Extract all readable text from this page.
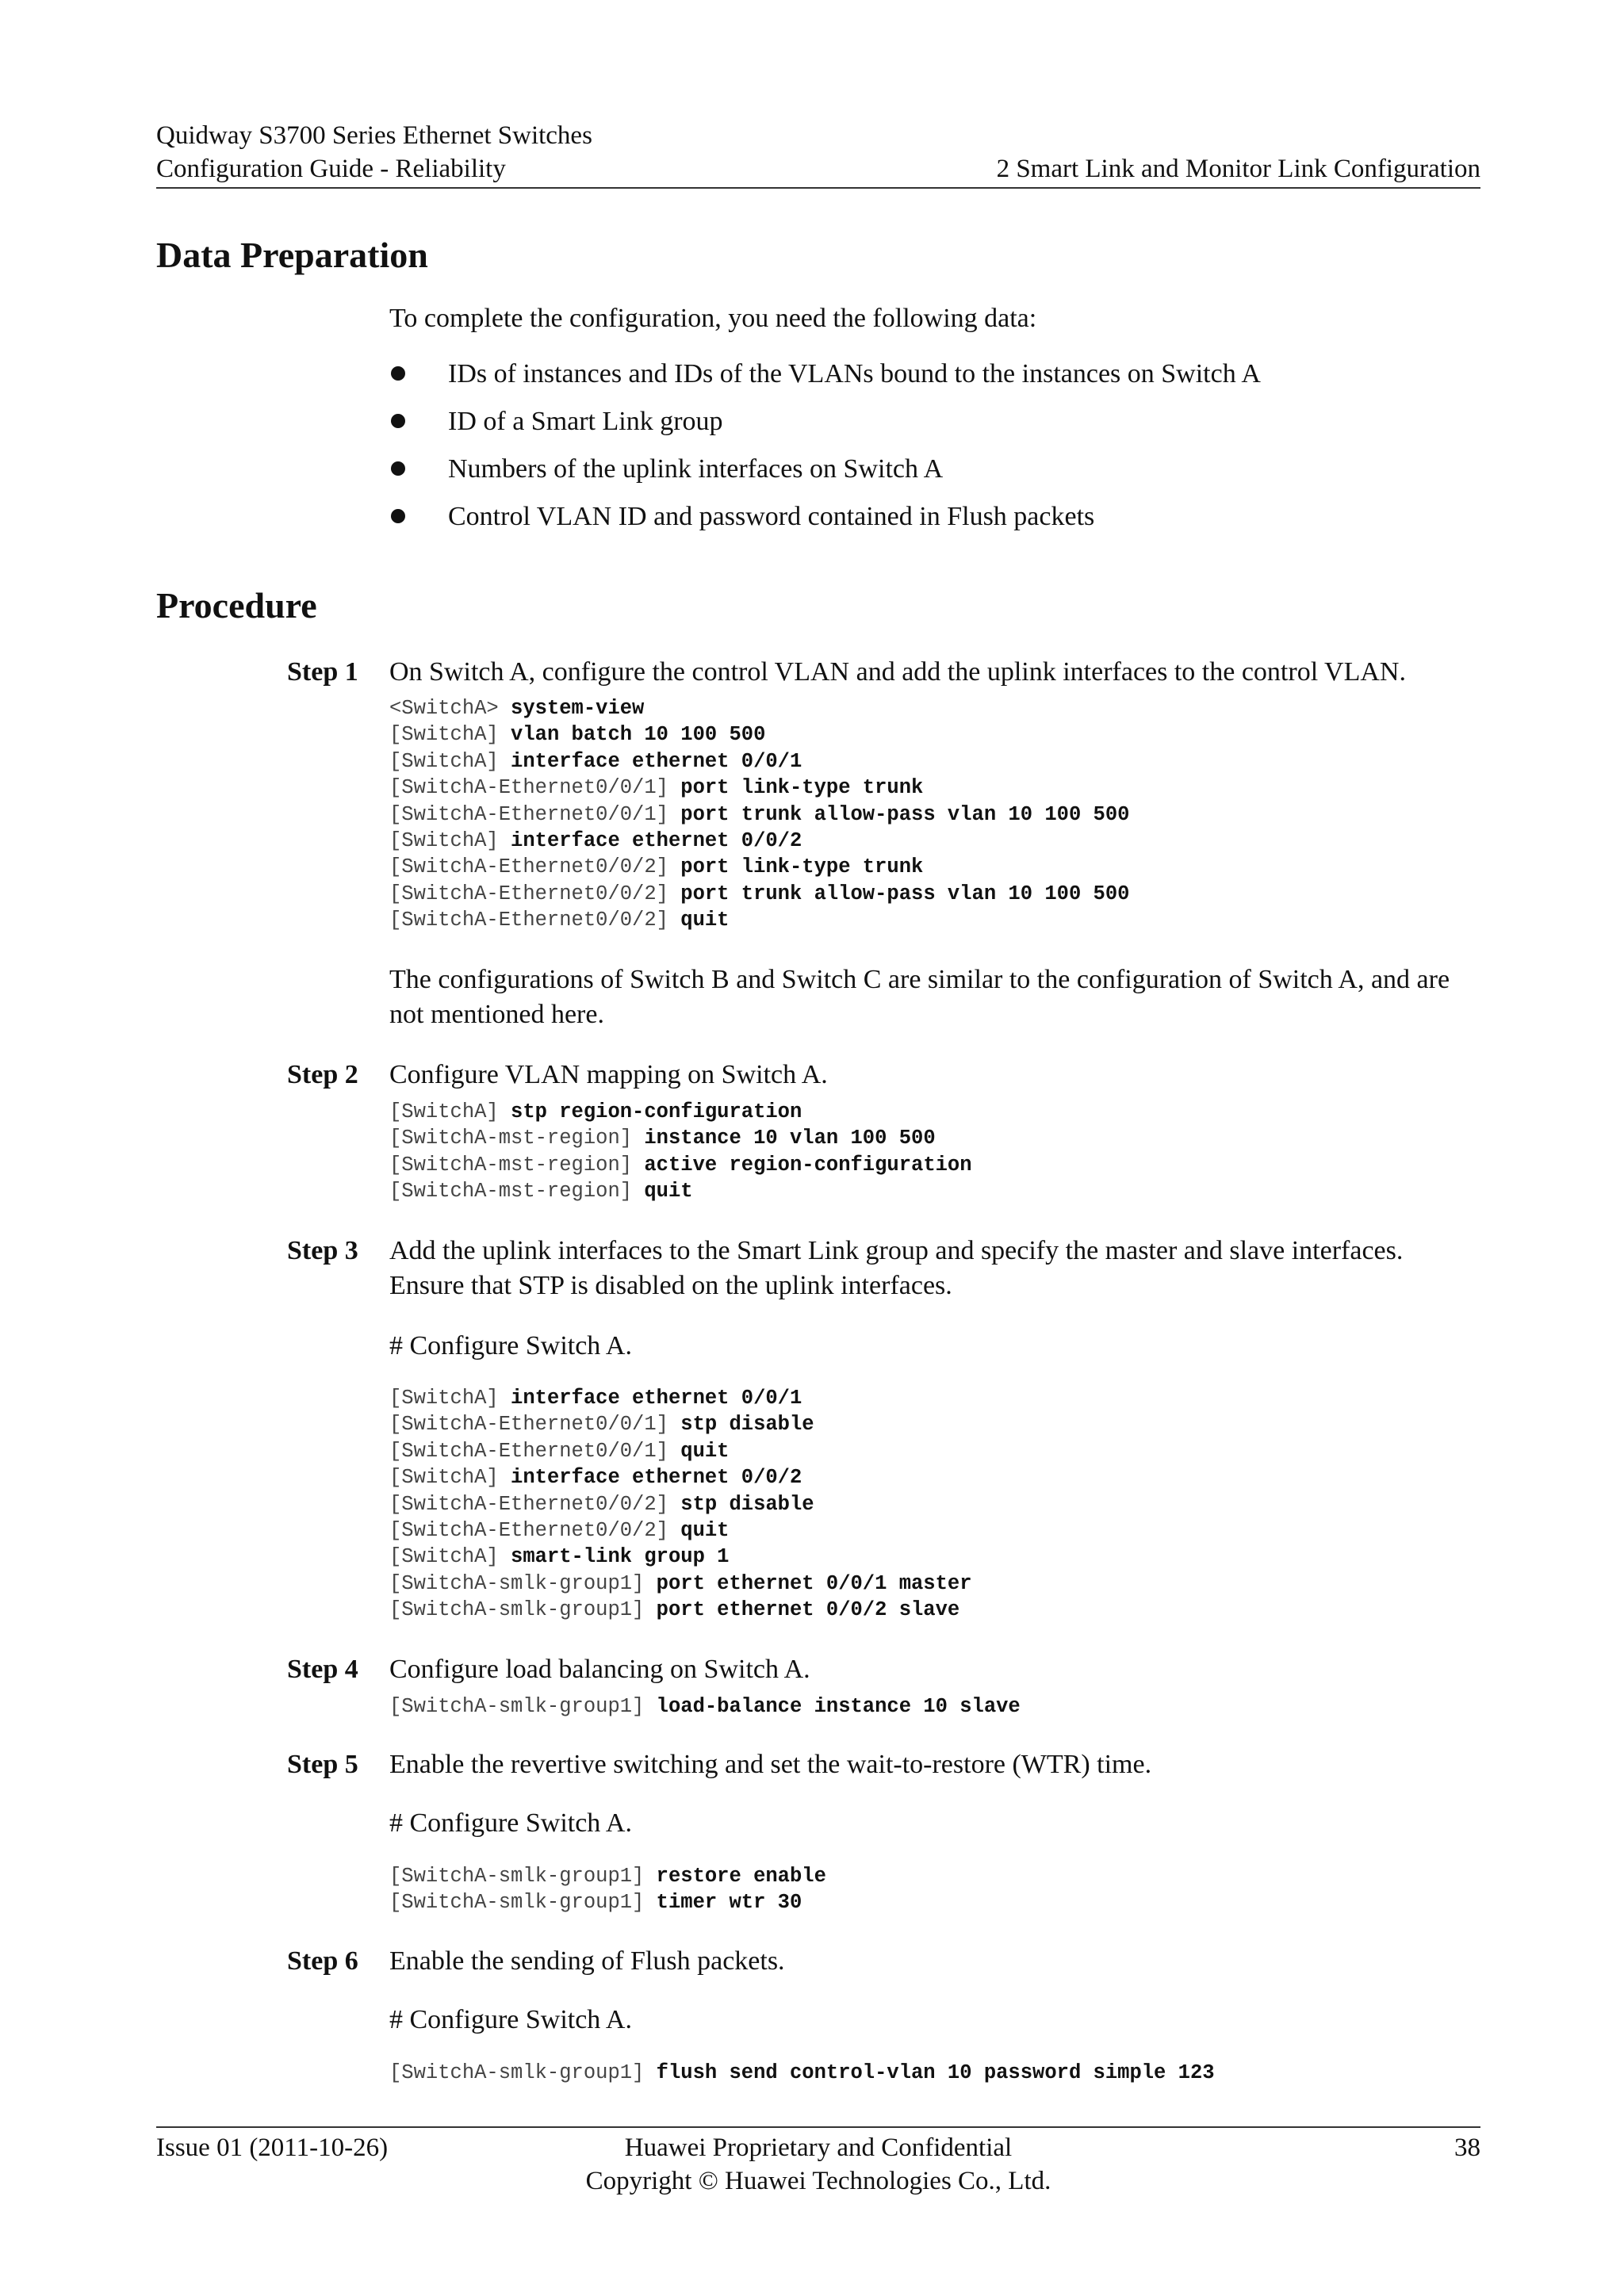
Quidway S3700 Series Ethernet Switches
Configuration Guide - Reliability	2 Smart Link and Monitor Link Configuration
Data Preparation
To complete the configuration, you need the following data:
IDs of instances and IDs of the VLANs bound to the instances on Switch A
ID of a Smart Link group
Numbers of the uplink interfaces on Switch A
Control VLAN ID and password contained in Flush packets
Procedure
Step 1 On Switch A, configure the control VLAN and add the uplink interfaces to the control VLAN.
<SwitchA> system-view
[SwitchA] vlan batch 10 100 500
[SwitchA] interface ethernet 0/0/1
[SwitchA-Ethernet0/0/1] port link-type trunk
[SwitchA-Ethernet0/0/1] port trunk allow-pass vlan 10 100 500
[SwitchA] interface ethernet 0/0/2
[SwitchA-Ethernet0/0/2] port link-type trunk
[SwitchA-Ethernet0/0/2] port trunk allow-pass vlan 10 100 500
[SwitchA-Ethernet0/0/2] quit
The configurations of Switch B and Switch C are similar to the configuration of Switch A, and are not mentioned here.
Step 2 Configure VLAN mapping on Switch A.
[SwitchA] stp region-configuration
[SwitchA-mst-region] instance 10 vlan 100 500
[SwitchA-mst-region] active region-configuration
[SwitchA-mst-region] quit
Step 3 Add the uplink interfaces to the Smart Link group and specify the master and slave interfaces. Ensure that STP is disabled on the uplink interfaces.
# Configure Switch A.
[SwitchA] interface ethernet 0/0/1
[SwitchA-Ethernet0/0/1] stp disable
[SwitchA-Ethernet0/0/1] quit
[SwitchA] interface ethernet 0/0/2
[SwitchA-Ethernet0/0/2] stp disable
[SwitchA-Ethernet0/0/2] quit
[SwitchA] smart-link group 1
[SwitchA-smlk-group1] port ethernet 0/0/1 master
[SwitchA-smlk-group1] port ethernet 0/0/2 slave
Step 4 Configure load balancing on Switch A.
[SwitchA-smlk-group1] load-balance instance 10 slave
Step 5 Enable the revertive switching and set the wait-to-restore (WTR) time.
# Configure Switch A.
[SwitchA-smlk-group1] restore enable
[SwitchA-smlk-group1] timer wtr 30
Step 6 Enable the sending of Flush packets.
# Configure Switch A.
[SwitchA-smlk-group1] flush send control-vlan 10 password simple 123
Issue 01 (2011-10-26)	Huawei Proprietary and Confidential
Copyright © Huawei Technologies Co., Ltd.
38
